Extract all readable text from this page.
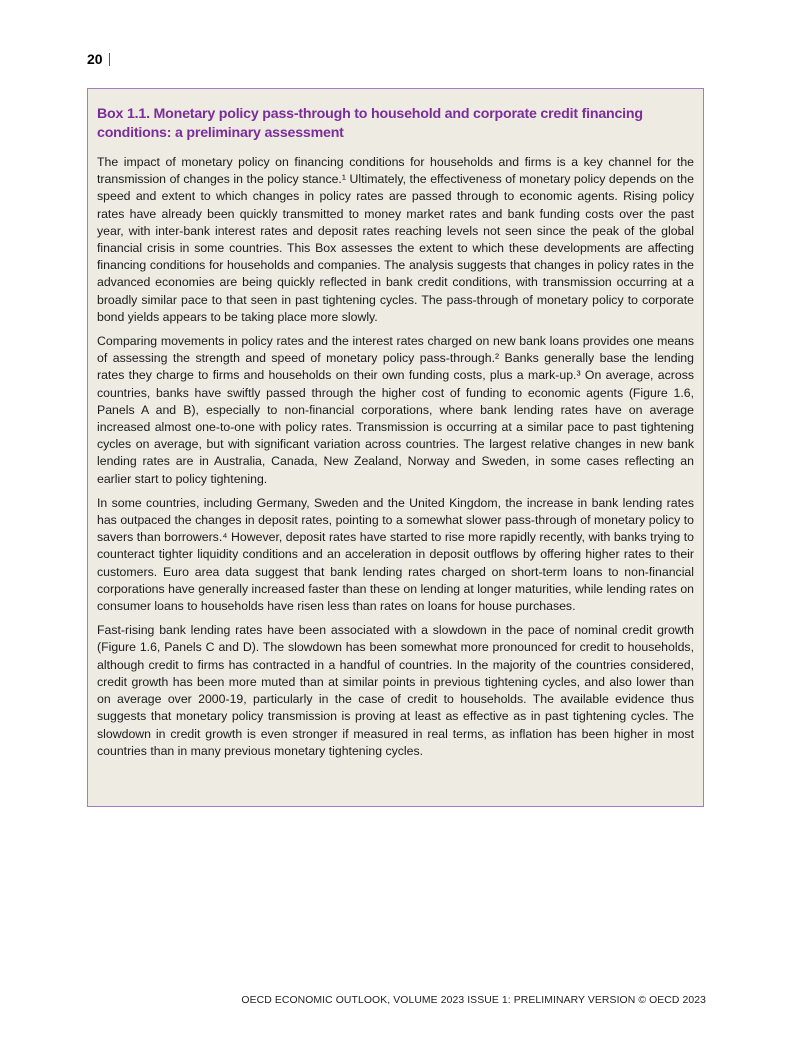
20
Box 1.1. Monetary policy pass-through to household and corporate credit financing conditions: a preliminary assessment

The impact of monetary policy on financing conditions for households and firms is a key channel for the transmission of changes in the policy stance.¹ Ultimately, the effectiveness of monetary policy depends on the speed and extent to which changes in policy rates are passed through to economic agents. Rising policy rates have already been quickly transmitted to money market rates and bank funding costs over the past year, with inter-bank interest rates and deposit rates reaching levels not seen since the peak of the global financial crisis in some countries. This Box assesses the extent to which these developments are affecting financing conditions for households and companies. The analysis suggests that changes in policy rates in the advanced economies are being quickly reflected in bank credit conditions, with transmission occurring at a broadly similar pace to that seen in past tightening cycles. The pass-through of monetary policy to corporate bond yields appears to be taking place more slowly.

Comparing movements in policy rates and the interest rates charged on new bank loans provides one means of assessing the strength and speed of monetary policy pass-through.² Banks generally base the lending rates they charge to firms and households on their own funding costs, plus a mark-up.³ On average, across countries, banks have swiftly passed through the higher cost of funding to economic agents (Figure 1.6, Panels A and B), especially to non-financial corporations, where bank lending rates have on average increased almost one-to-one with policy rates. Transmission is occurring at a similar pace to past tightening cycles on average, but with significant variation across countries. The largest relative changes in new bank lending rates are in Australia, Canada, New Zealand, Norway and Sweden, in some cases reflecting an earlier start to policy tightening.

In some countries, including Germany, Sweden and the United Kingdom, the increase in bank lending rates has outpaced the changes in deposit rates, pointing to a somewhat slower pass-through of monetary policy to savers than borrowers.⁴ However, deposit rates have started to rise more rapidly recently, with banks trying to counteract tighter liquidity conditions and an acceleration in deposit outflows by offering higher rates to their customers. Euro area data suggest that bank lending rates charged on short-term loans to non-financial corporations have generally increased faster than these on lending at longer maturities, while lending rates on consumer loans to households have risen less than rates on loans for house purchases.

Fast-rising bank lending rates have been associated with a slowdown in the pace of nominal credit growth (Figure 1.6, Panels C and D). The slowdown has been somewhat more pronounced for credit to households, although credit to firms has contracted in a handful of countries. In the majority of the countries considered, credit growth has been more muted than at similar points in previous tightening cycles, and also lower than on average over 2000-19, particularly in the case of credit to households. The available evidence thus suggests that monetary policy transmission is proving at least as effective as in past tightening cycles. The slowdown in credit growth is even stronger if measured in real terms, as inflation has been higher in most countries than in many previous monetary tightening cycles.

OECD ECONOMIC OUTLOOK, VOLUME 2023 ISSUE 1: PRELIMINARY VERSION © OECD 2023
